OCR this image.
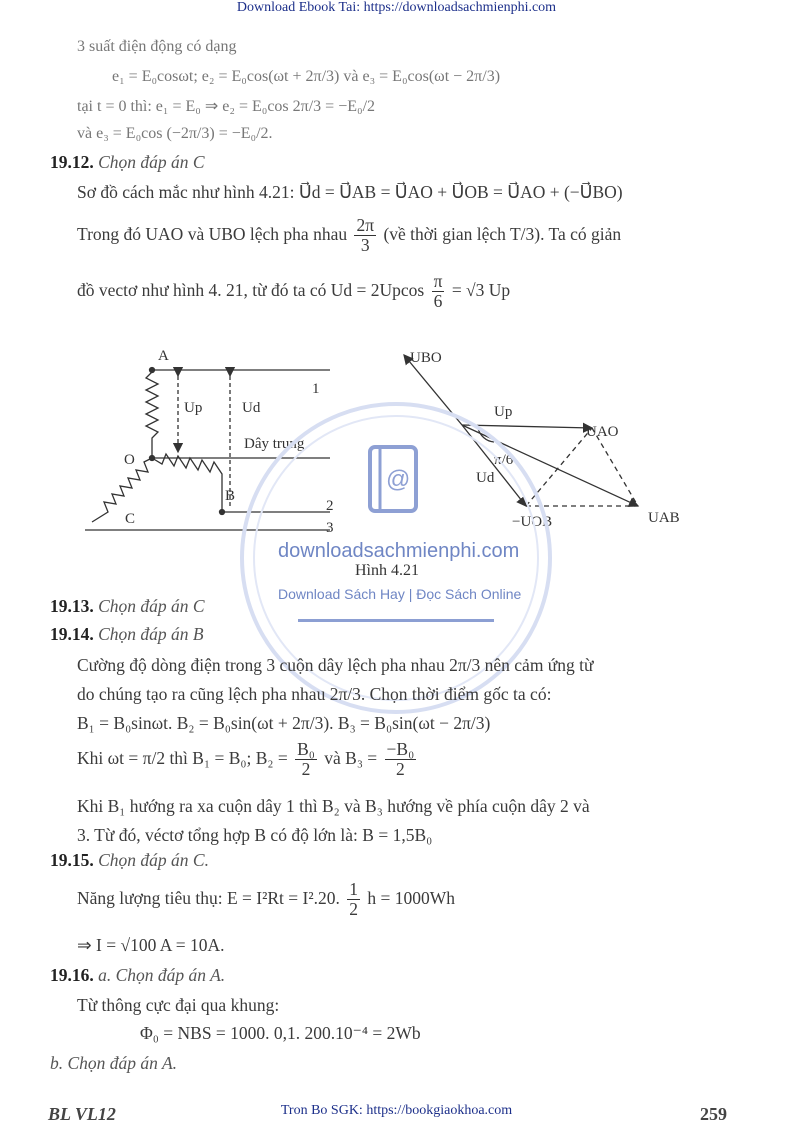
Download Ebook Tai: https://downloadsachmienphi.com
3 suất điện động có dạng
e₁ = E₀cosωt; e₂ = E₀cos(ωt + 2π/3) và e₃ = E₀cos(ωt − 2π/3)
tại t = 0 thì: e₁ = E₀ ⇒ e₂ = E₀cos 2π/3 = −E₀/2
và e₃ = E₀cos (−2π/3) = −E₀/2.
19.12. Chọn đáp án C
Sơ đồ cách mắc như hình 4.21: U⃗d = U⃗AB = U⃗AO + U⃗OB = U⃗AO + (−U⃗BO)
Trong đó UAO và UBO lệch pha nhau $\frac{2\pi}{3}$ (về thời gian lệch T/3). Ta có giản
đồ vectơ như hình 4. 21, từ đó ta có $Ud = 2Upcos \frac{\pi}{6} = √3$ Up
A
O
B
C
Up	Ud
Dây trung
1
2
3
UBO
UAO
UAB
−UOB
Up
π/6
Ud
Hình 4.21
@
downloadsachmienphi.com
Download Sách Hay | Đọc Sách Online
19.13. Chọn đáp án C
19.14. Chọn đáp án B
Cường độ dòng điện trong 3 cuộn dây lệch pha nhau 2π/3 nên cảm ứng từ
do chúng tạo ra cũng lệch pha nhau 2π/3. Chọn thời điểm gốc ta có:
B₁ = B₀sinωt. B₂ = B₀sin(ωt + 2π/3). B₃ = B₀sin(ωt − 2π/3)
Khi ωt = π/2 thì B₁ = B₀; $B_2 = \frac{\text{B₀}}{2}$ và $B_3 = \frac{\text{−B₀}}{2}$
Khi B₁ hướng ra xa cuộn dây 1 thì B₂ và B₃ hướng về phía cuộn dây 2 và
3. Từ đó, véctơ tổng hợp B có độ lớn là: B = 1,5B₀
19.15. Chọn đáp án C.
Năng lượng tiêu thụ: E = I²Rt = I².20. $\frac{1}{2}$ h = 1000Wh
⇒ I = √100 A = 10A.
19.16. a. Chọn đáp án A.
Từ thông cực đại qua khung:
Φ₀ = NBS = 1000. 0,1. 200.10⁻⁴ = 2Wb
b. Chọn đáp án A.
BL VL12	Tron Bo SGK: https://bookgiaokhoa.com	259
